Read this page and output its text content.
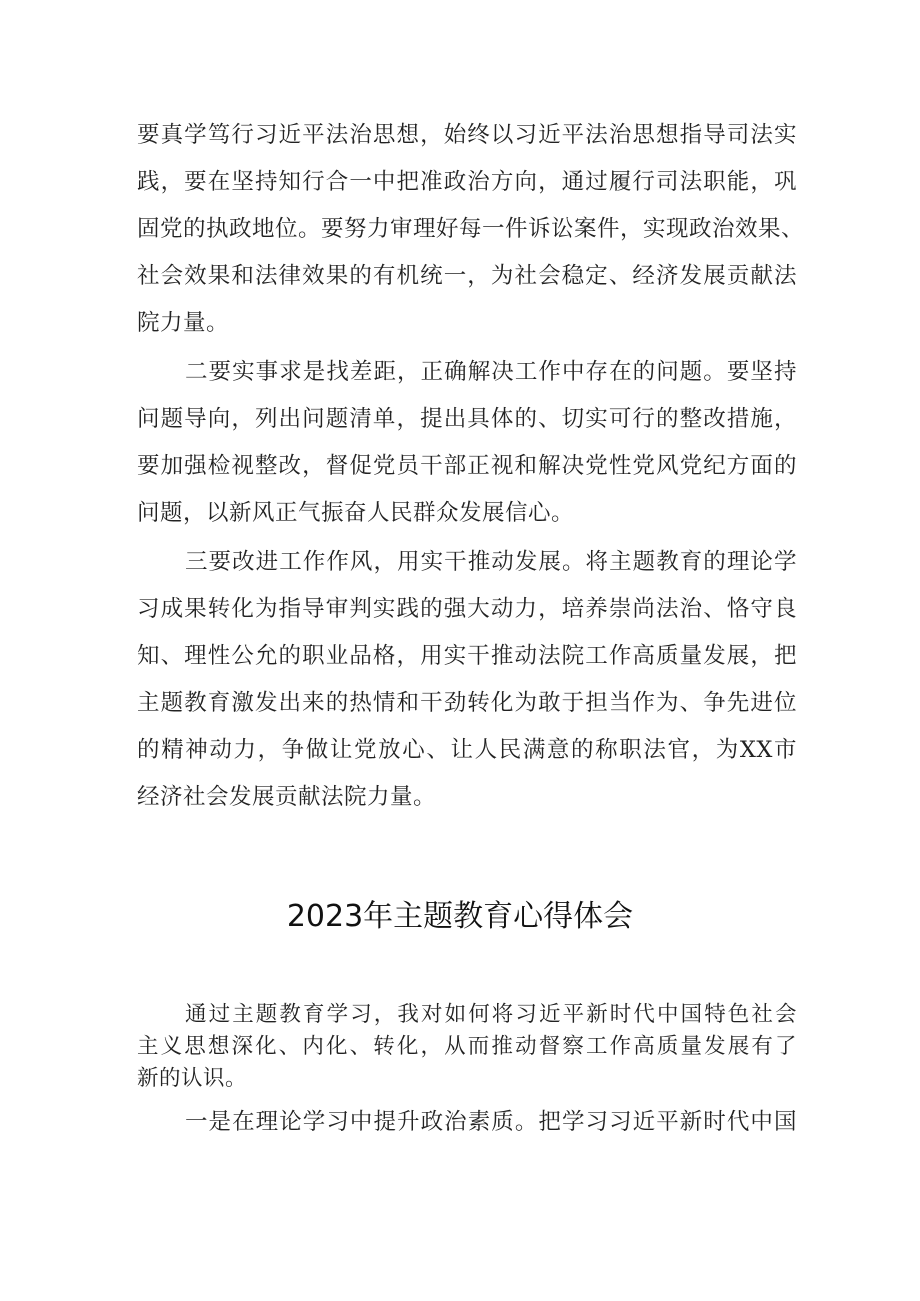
要真学笃行习近平法治思想，始终以习近平法治思想指导司法实
践，要在坚持知行合一中把准政治方向，通过履行司法职能，巩
固党的执政地位。要努力审理好每一件诉讼案件，实现政治效果、
社会效果和法律效果的有机统一，为社会稳定、经济发展贡献法
院力量。
二要实事求是找差距，正确解决工作中存在的问题。要坚持
问题导向，列出问题清单，提出具体的、切实可行的整改措施，
要加强检视整改，督促党员干部正视和解决党性党风党纪方面的
问题，以新风正气振奋人民群众发展信心。
三要改进工作作风，用实干推动发展。将主题教育的理论学
习成果转化为指导审判实践的强大动力，培养崇尚法治、恪守良
知、理性公允的职业品格，用实干推动法院工作高质量发展，把
主题教育激发出来的热情和干劲转化为敢于担当作为、争先进位
的精神动力，争做让党放心、让人民满意的称职法官，为XX市
经济社会发展贡献法院力量。
2023年主题教育心得体会
通过主题教育学习，我对如何将习近平新时代中国特色社会
主义思想深化、内化、转化，从而推动督察工作高质量发展有了
新的认识。
一是在理论学习中提升政治素质。把学习习近平新时代中国
